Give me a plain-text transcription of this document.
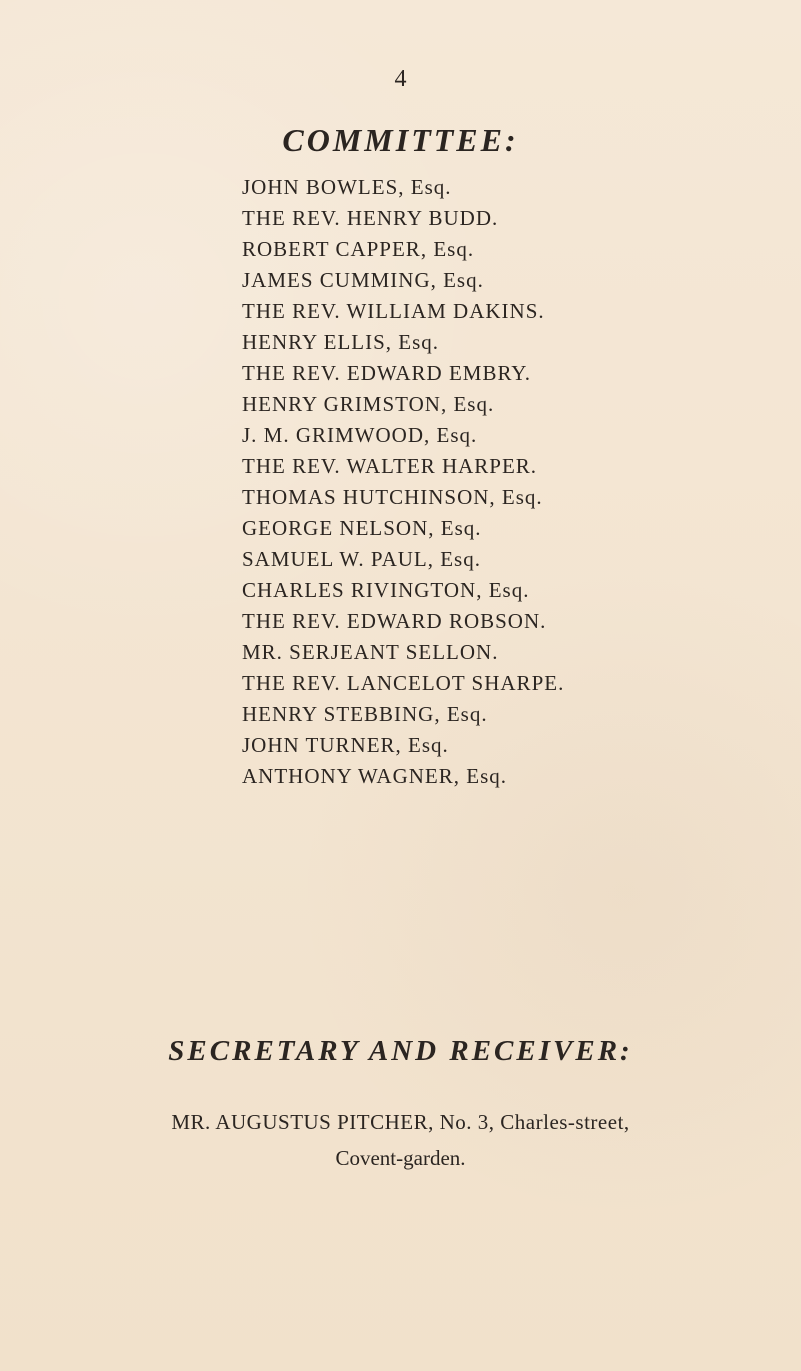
4
COMMITTEE:
JOHN BOWLES, Esq.
THE REV. HENRY BUDD.
ROBERT CAPPER, Esq.
JAMES CUMMING, Esq.
THE REV. WILLIAM DAKINS.
HENRY ELLIS, Esq.
THE REV. EDWARD EMBRY.
HENRY GRIMSTON, Esq.
J. M. GRIMWOOD, Esq.
THE REV. WALTER HARPER.
THOMAS HUTCHINSON, Esq.
GEORGE NELSON, Esq.
SAMUEL W. PAUL, Esq.
CHARLES RIVINGTON, Esq.
THE REV. EDWARD ROBSON.
MR. SERJEANT SELLON.
THE REV. LANCELOT SHARPE.
HENRY STEBBING, Esq.
JOHN TURNER, Esq.
ANTHONY WAGNER, Esq.
SECRETARY AND RECEIVER:
MR. AUGUSTUS PITCHER, No. 3, Charles-street,
Covent-garden.
